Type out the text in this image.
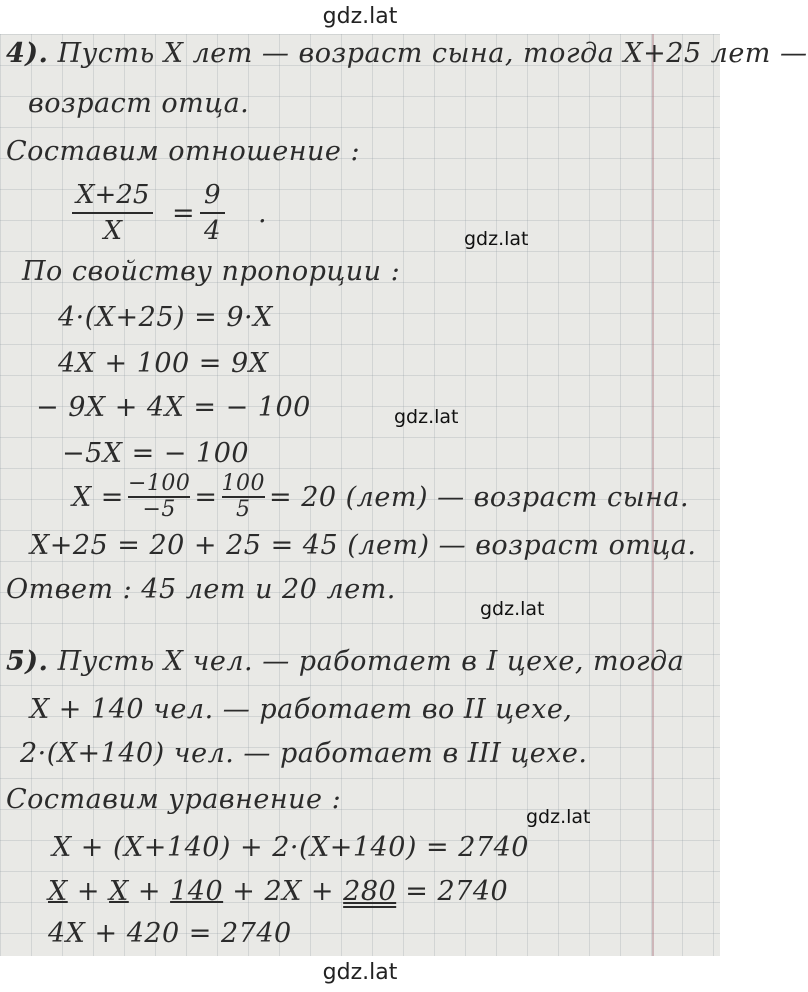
gdz.lat
4). Пусть X лет — возраст сына, тогда X+25 лет —
возраст отца.
Составим отношение :
X+25
X
=
9
4
.
По свойству пропорции :
4·(X+25) = 9·X
4X + 100 = 9X
− 9X + 4X = − 100
−5X = − 100
$X = \frac{-100}{-5} = \frac{100}{5} = 20$ (лет) — возраст сына.
X+25 = 20 + 25 = 45 (лет) — возраст отца.
Ответ : 45 лет и 20 лет.
5). Пусть X чел. — работает в I цехе, тогда
X + 140 чел. — работает во II цехе,
2·(X+140) чел. — работает в III цехе.
Составим уравнение :
X + (X+140) + 2·(X+140) = 2740
X + X + 140 + 2X + 280 = 2740
4X + 420 = 2740
gdz.lat
gdz.lat
gdz.lat
gdz.lat
gdz.lat
